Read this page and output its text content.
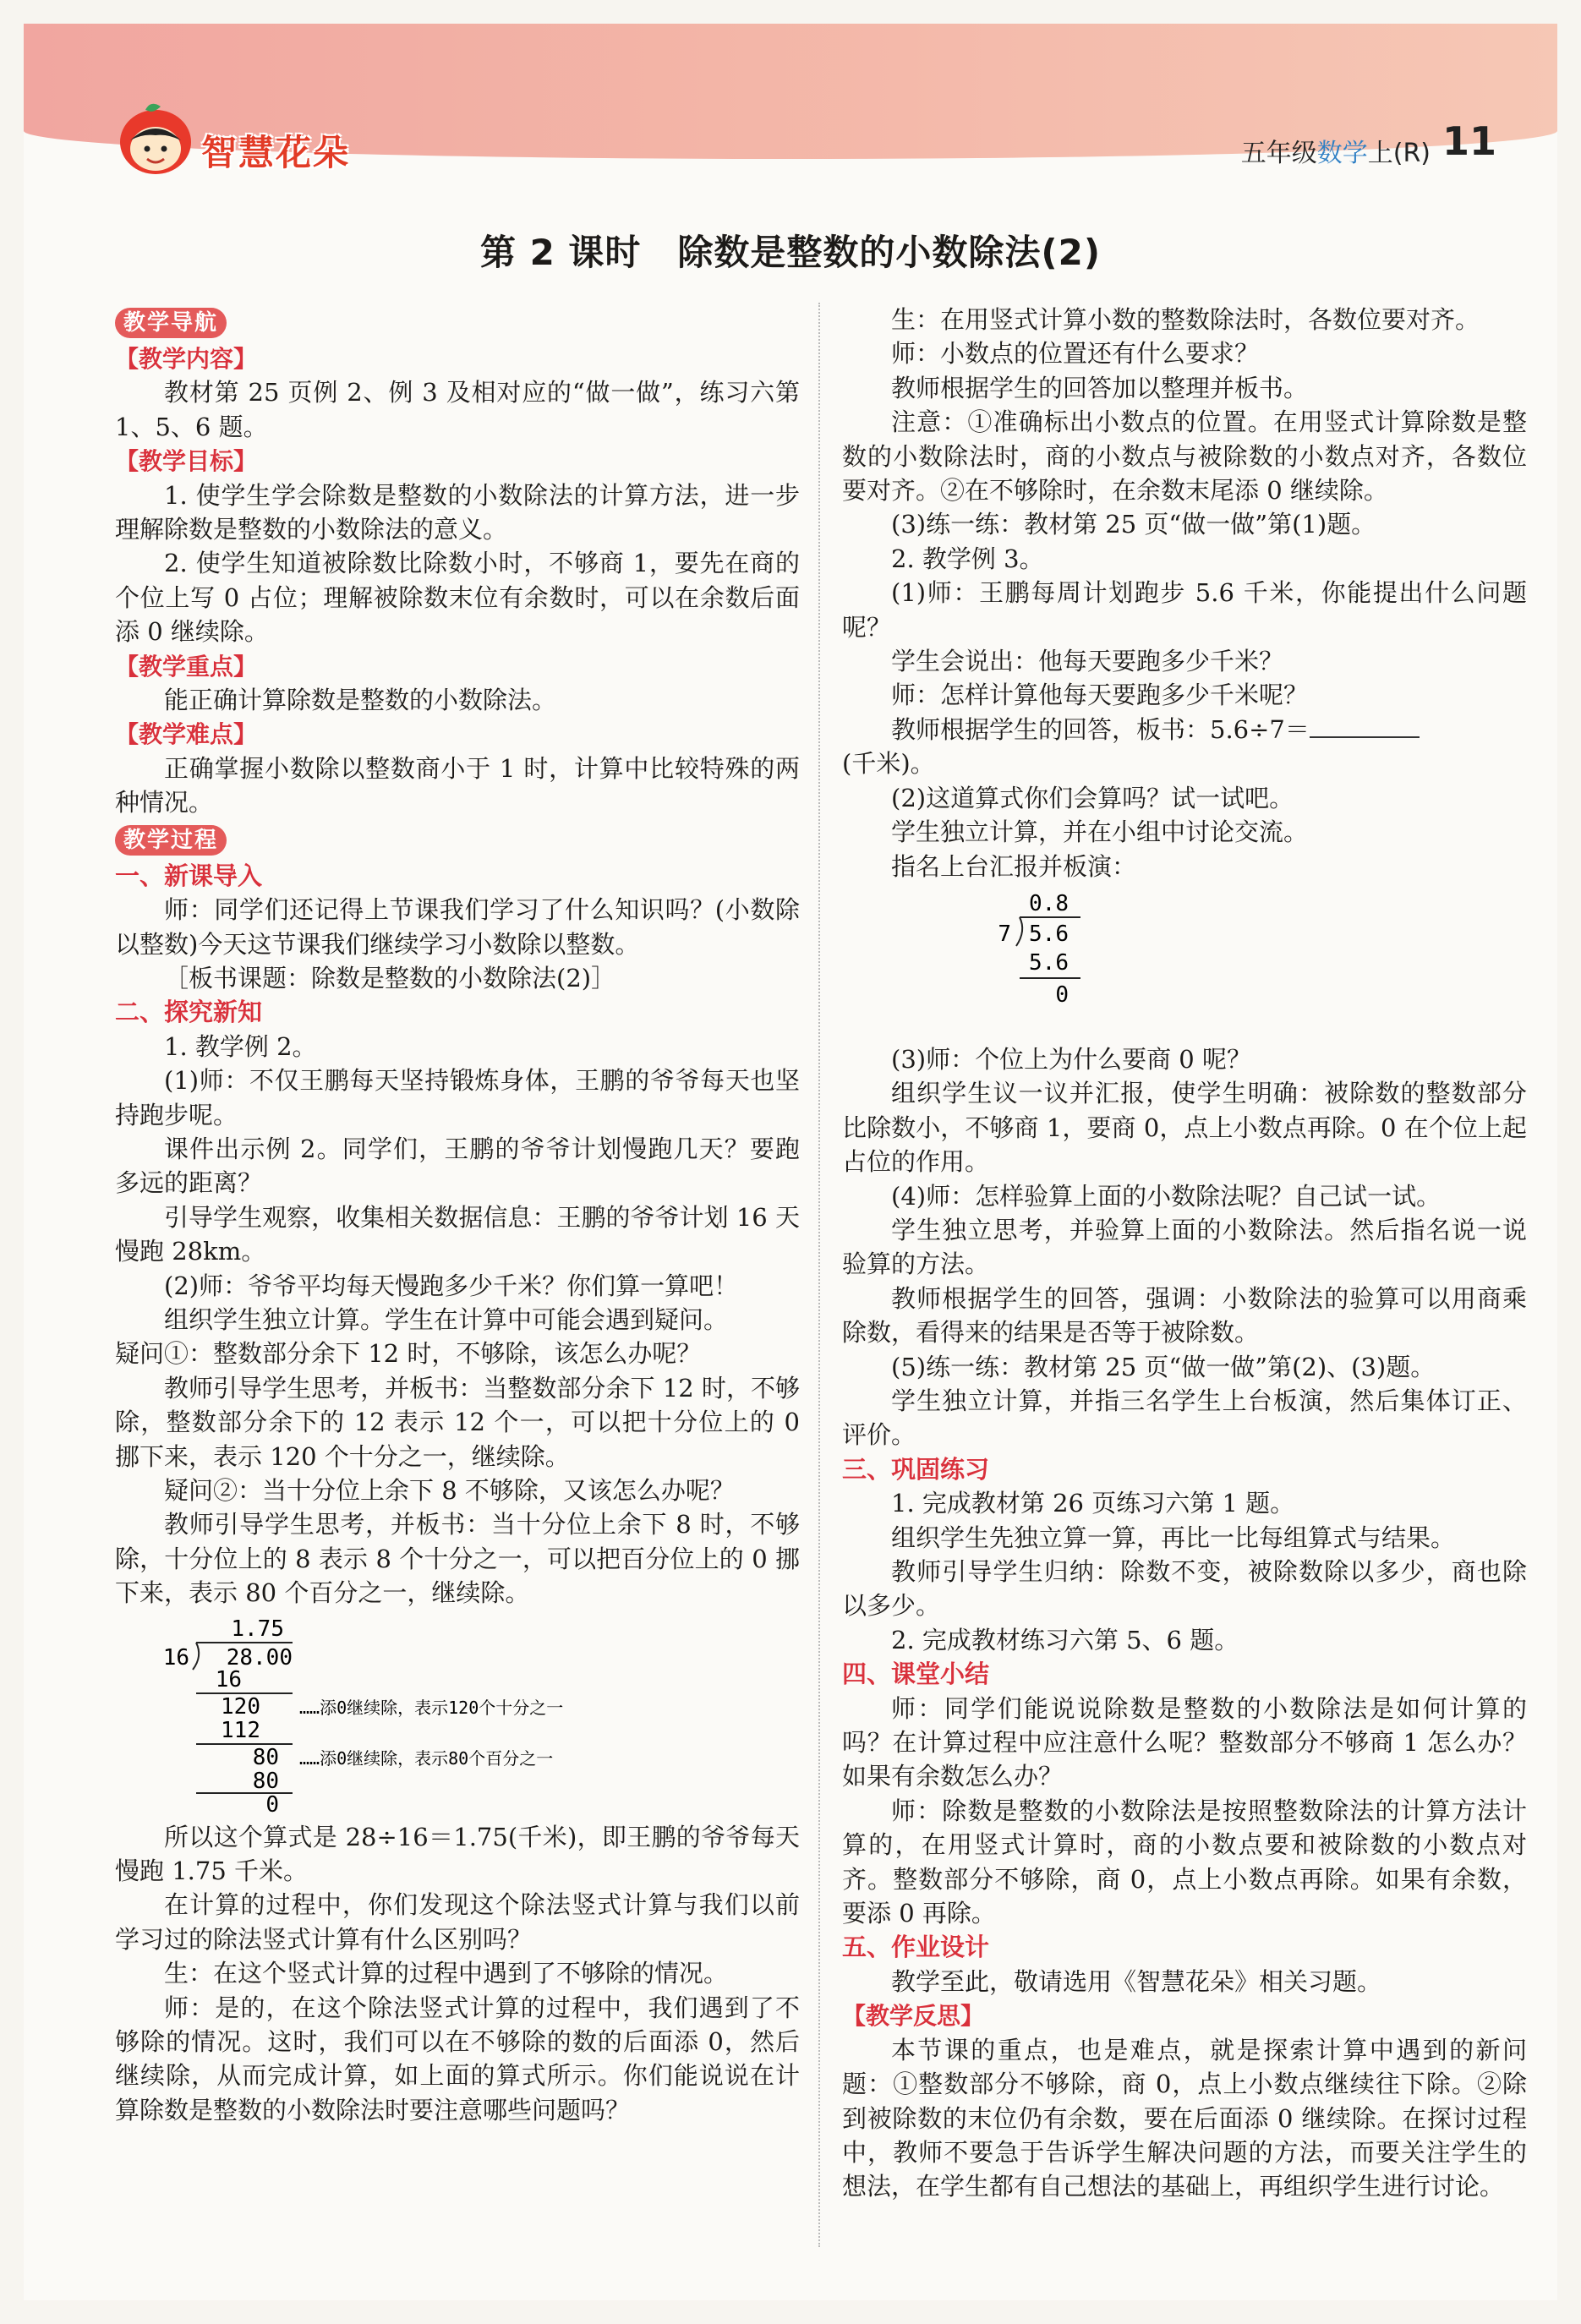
智慧花朵	五年级数学上(R) 11
第 2 课时　除数是整数的小数除法(2)
教学导航
【教学内容】

教材第 25 页例 2、例 3 及相对应的“做一做”，练习六第 1、5、6 题。

【教学目标】

1. 使学生学会除数是整数的小数除法的计算方法，进一步理解除数是整数的小数除法的意义。

2. 使学生知道被除数比除数小时，不够商 1，要先在商的个位上写 0 占位；理解被除数末位有余数时，可以在余数后面添 0 继续除。

【教学重点】

能正确计算除数是整数的小数除法。

【教学难点】

正确掌握小数除以整数商小于 1 时，计算中比较特殊的两种情况。

教学过程

一、新课导入

师：同学们还记得上节课我们学习了什么知识吗？(小数除以整数)今天这节课我们继续学习小数除以整数。

［板书课题：除数是整数的小数除法(2)］

二、探究新知

1. 教学例 2。

(1)师：不仅王鹏每天坚持锻炼身体，王鹏的爷爷每天也坚持跑步呢。

课件出示例 2。同学们，王鹏的爷爷计划慢跑几天？要跑多远的距离？

引导学生观察，收集相关数据信息：王鹏的爷爷计划 16 天慢跑 28km。

(2)师：爷爷平均每天慢跑多少千米？你们算一算吧！

组织学生独立计算。学生在计算中可能会遇到疑问。

疑问①：整数部分余下 12 时，不够除，该怎么办呢？

教师引导学生思考，并板书：当整数部分余下 12 时，不够除，整数部分余下的 12 表示 12 个一，可以把十分位上的 0 挪下来，表示 120 个十分之一，继续除。

疑问②：当十分位上余下 8 不够除，又该怎么办呢？

教师引导学生思考，并板书：当十分位上余下 8 时，不够除，十分位上的 8 表示 8 个十分之一，可以把百分位上的 0 挪下来，表示 80 个百分之一，继续除。

1.75
16 28.00
16
120 ……添0继续除，表示120个十分之一
112
80 ……添0继续除，表示80个百分之一
80
0

所以这个算式是 28÷16＝1.75(千米)，即王鹏的爷爷每天慢跑 1.75 千米。

在计算的过程中，你们发现这个除法竖式计算与我们以前学习过的除法竖式计算有什么区别吗？

生：在这个竖式计算的过程中遇到了不够除的情况。

师：是的，在这个除法竖式计算的过程中，我们遇到了不够除的情况。这时，我们可以在不够除的数的后面添 0，然后继续除，从而完成计算，如上面的算式所示。你们能说说在计算除数是整数的小数除法时要注意哪些问题吗？

生：在用竖式计算小数的整数除法时，各数位要对齐。

师：小数点的位置还有什么要求？

教师根据学生的回答加以整理并板书。

注意：①准确标出小数点的位置。在用竖式计算除数是整数的小数除法时，商的小数点与被除数的小数点对齐，各数位要对齐。②在不够除时，在余数末尾添 0 继续除。

(3)练一练：教材第 25 页“做一做”第(1)题。

2. 教学例 3。

(1)师：王鹏每周计划跑步 5.6 千米，你能提出什么问题呢？

学生会说出：他每天要跑多少千米？

师：怎样计算他每天要跑多少千米呢？

教师根据学生的回答，板书：5.6÷7＝
(千米)。

(2)这道算式你们会算吗？试一试吧。

学生独立计算，并在小组中讨论交流。

指名上台汇报并板演：

0.8
7 5.6
5.6
0

(3)师：个位上为什么要商 0 呢？

组织学生议一议并汇报，使学生明确：被除数的整数部分比除数小，不够商 1，要商 0，点上小数点再除。0 在个位上起占位的作用。

(4)师：怎样验算上面的小数除法呢？自己试一试。

学生独立思考，并验算上面的小数除法。然后指名说一说验算的方法。

教师根据学生的回答，强调：小数除法的验算可以用商乘除数，看得来的结果是否等于被除数。

(5)练一练：教材第 25 页“做一做”第(2)、(3)题。

学生独立计算，并指三名学生上台板演，然后集体订正、评价。

三、巩固练习

1. 完成教材第 26 页练习六第 1 题。

组织学生先独立算一算，再比一比每组算式与结果。

教师引导学生归纳：除数不变，被除数除以多少，商也除以多少。

2. 完成教材练习六第 5、6 题。

四、课堂小结

师：同学们能说说除数是整数的小数除法是如何计算的吗？在计算过程中应注意什么呢？整数部分不够商 1 怎么办？如果有余数怎么办？

师：除数是整数的小数除法是按照整数除法的计算方法计算的，在用竖式计算时，商的小数点要和被除数的小数点对齐。整数部分不够除，商 0，点上小数点再除。如果有余数，要添 0 再除。

五、作业设计

教学至此，敬请选用《智慧花朵》相关习题。

【教学反思】

本节课的重点，也是难点，就是探索计算中遇到的新问题：①整数部分不够除，商 0，点上小数点继续往下除。②除到被除数的末位仍有余数，要在后面添 0 继续除。在探讨过程中，教师不要急于告诉学生解决问题的方法，而要关注学生的想法，在学生都有自己想法的基础上，再组织学生进行讨论。
